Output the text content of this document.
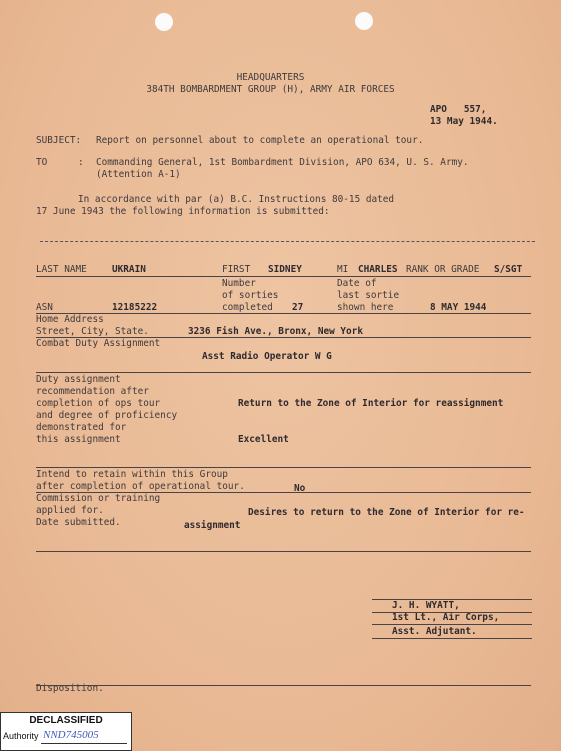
HEADQUARTERS
384TH BOMBARDMENT GROUP (H), ARMY AIR FORCES
APO   557,
13 May 1944.
SUBJECT: Report on personnel about to complete an operational tour.
TO	: Commanding General, 1st Bombardment Division, APO 634, U. S. Army.
(Attention A-1)
In accordance with par (a) B.C. Instructions 80-15 dated
17 June 1943 the following information is submitted:
LAST NAME	UKRAIN	FIRST SIDNEY	MI CHARLES RANK OR GRADE S/SGT
Number
of sorties
completed 27
Date of
last sortie
shown here	8 MAY 1944
ASN	12185222
Home Address
Street, City, State.	3236 Fish Ave., Bronx, New York
Combat Duty Assignment
Asst Radio Operator W G
Duty assignment
recommendation after
completion of ops tour
and degree of proficiency
demonstrated for
this assignment
Return to the Zone of Interior for reassignment
Excellent
Intend to retain within this Group
after completion of operational tour.	No
Commission or training
applied for.
Date submitted.
Desires to return to the Zone of Interior for re-
assignment
J. H. WYATT,
1st Lt., Air Corps,
Asst. Adjutant.
Disposition.
DECLASSIFIED
Authority NND745005
